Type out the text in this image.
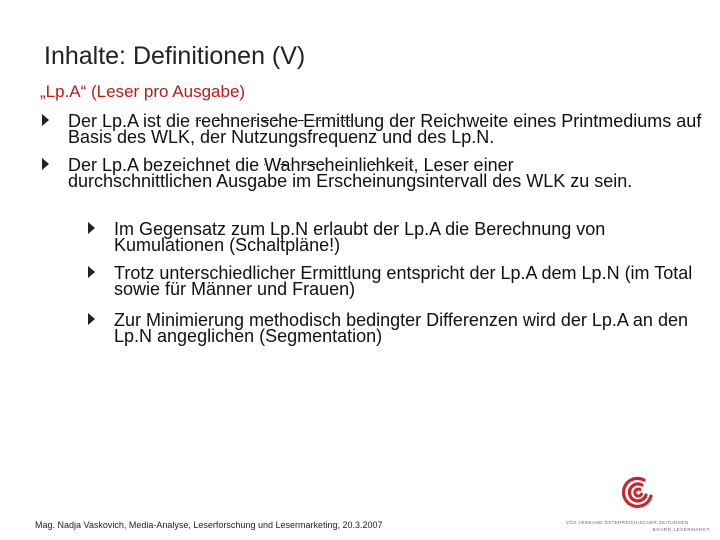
Inhalte: Definitionen (V)
„Lp.A“ (Leser pro Ausgabe)
Der Lp.A ist die rechnerische Ermittlung der Reichweite eines Printmediums auf Basis des WLK, der Nutzungsfrequenz und des Lp.N.
Der Lp.A bezeichnet die Wahrscheinlichkeit, Leser einer durchschnittlichen Ausgabe im Erscheinungsintervall des WLK zu sein.
Im Gegensatz zum Lp.N erlaubt der Lp.A die Berechnung von Kumulationen (Schaltpläne!)
Trotz unterschiedlicher Ermittlung entspricht der Lp.A dem Lp.N (im Total sowie für Männer und Frauen)
Zur Minimierung methodisch bedingter Differenzen wird der Lp.A an den Lp.N angeglichen (Segmentation)
Mag. Nadja Vaskovich, Media-Analyse, Leserforschung und Lesermarketing, 20.3.2007	VÖZ VERBAND ÖSTERREICHISCHER ZEITUNGEN
BOARD LESERMARKT
